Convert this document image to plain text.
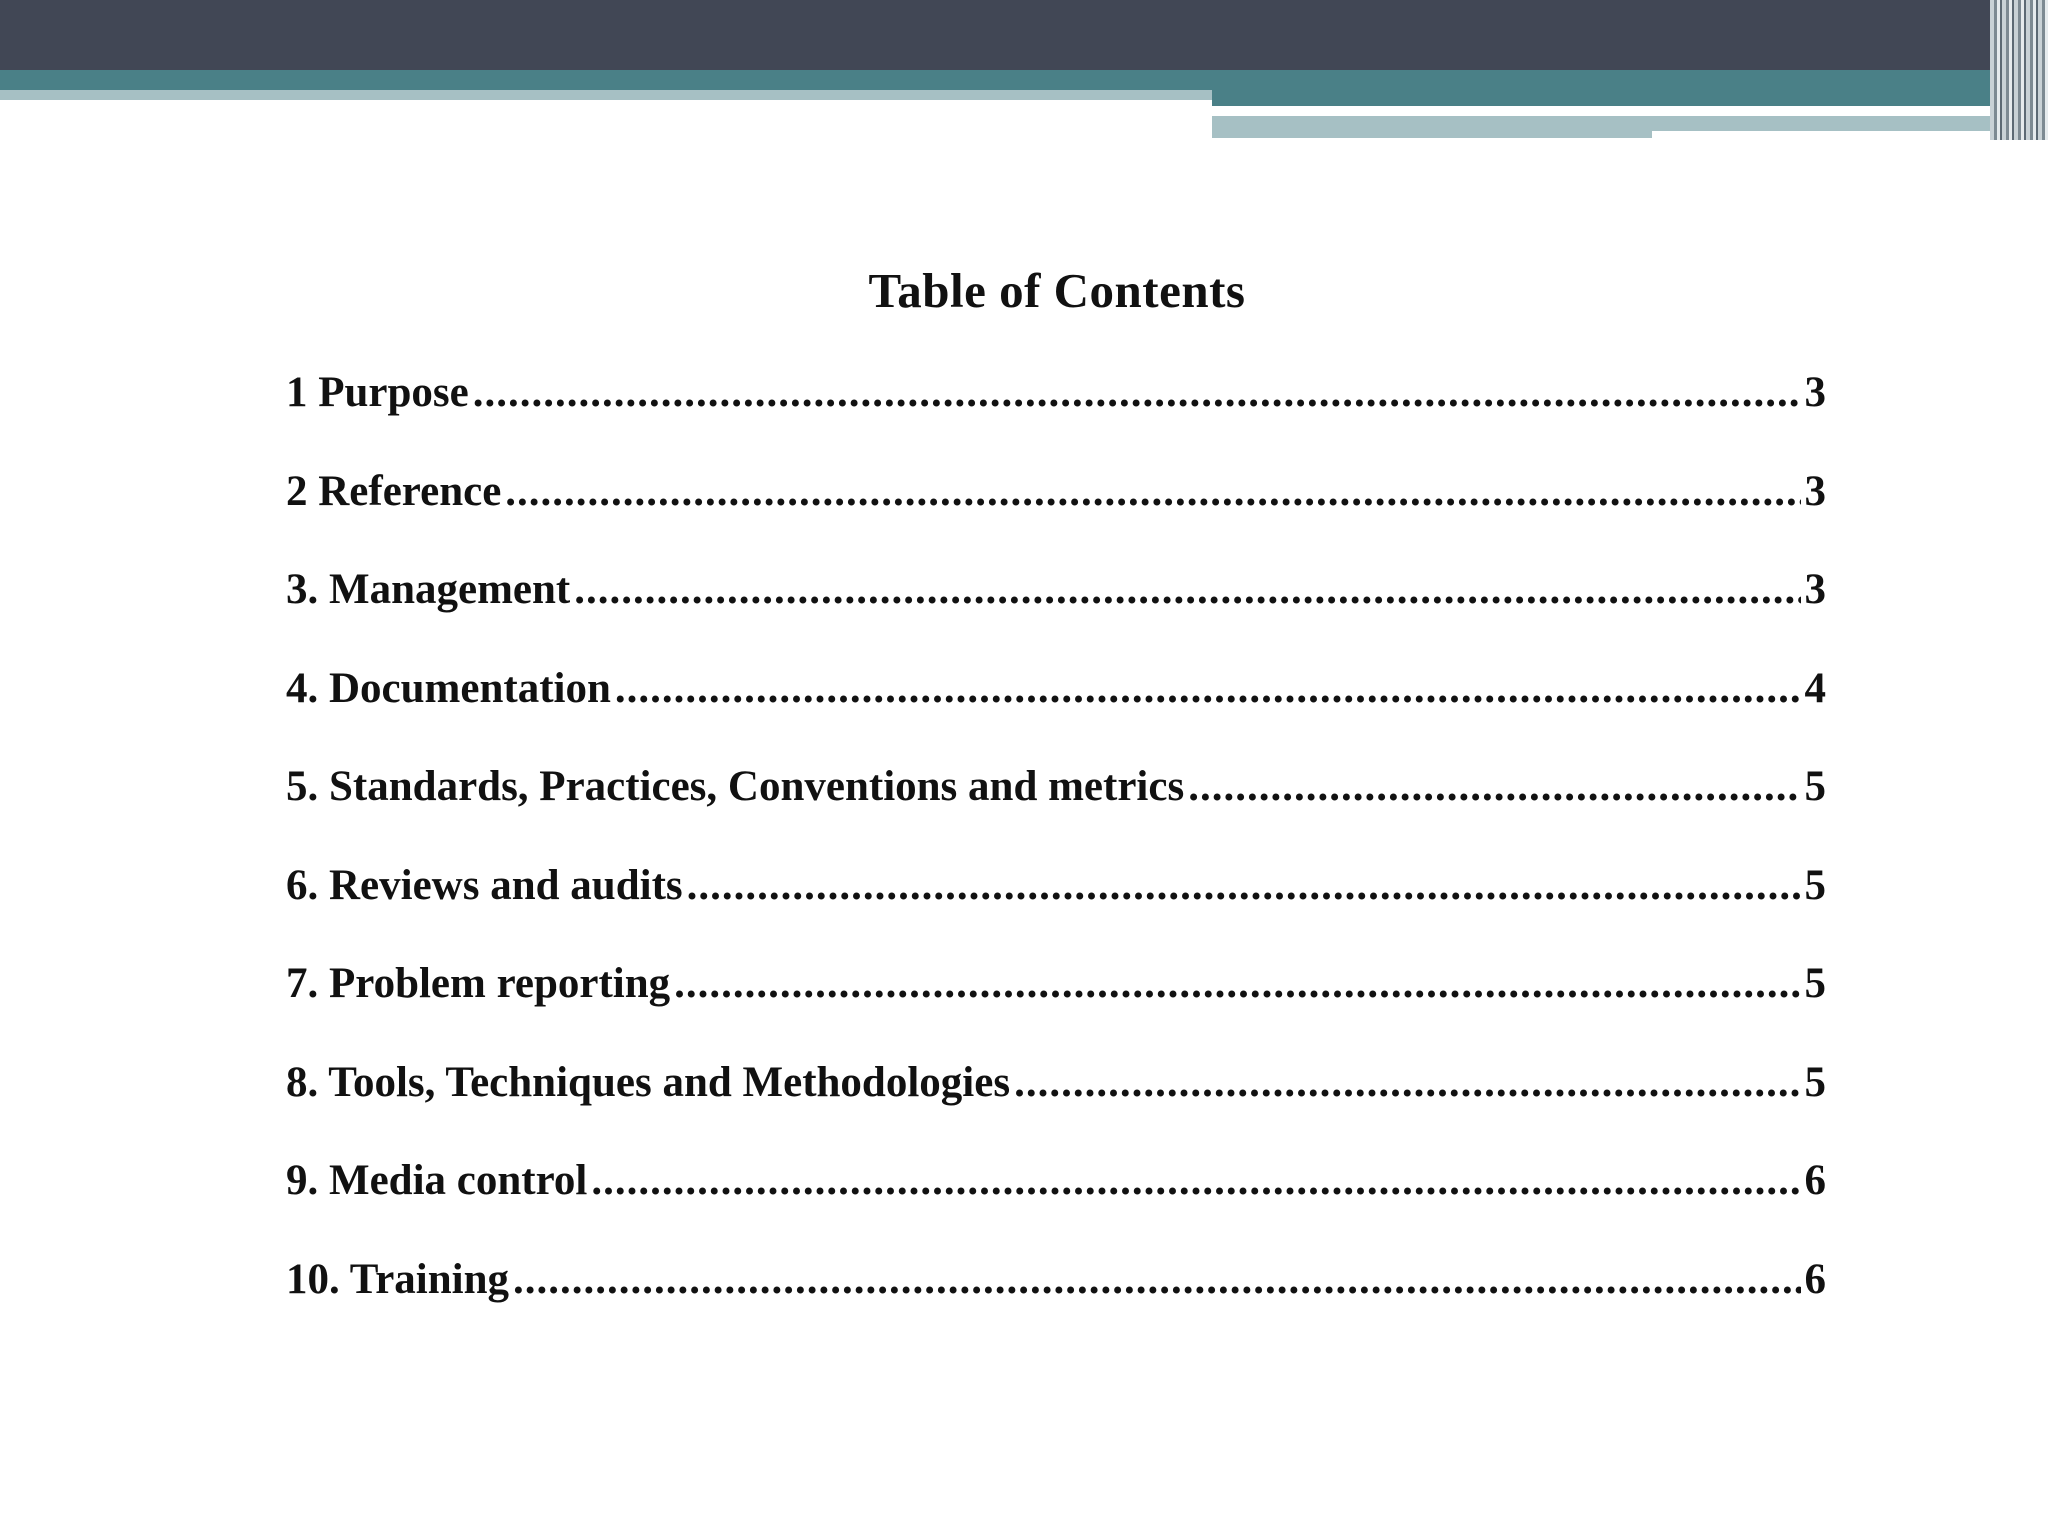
Table of Contents
1 Purpose .....	3
2 Reference .....	3
3. Management .....	3
4. Documentation .....	4
5. Standards, Practices, Conventions and metrics .....	5
6. Reviews and audits .....	5
7. Problem reporting .....	5
8. Tools, Techniques and Methodologies .....	5
9. Media control .....	6
10. Training .....	6
